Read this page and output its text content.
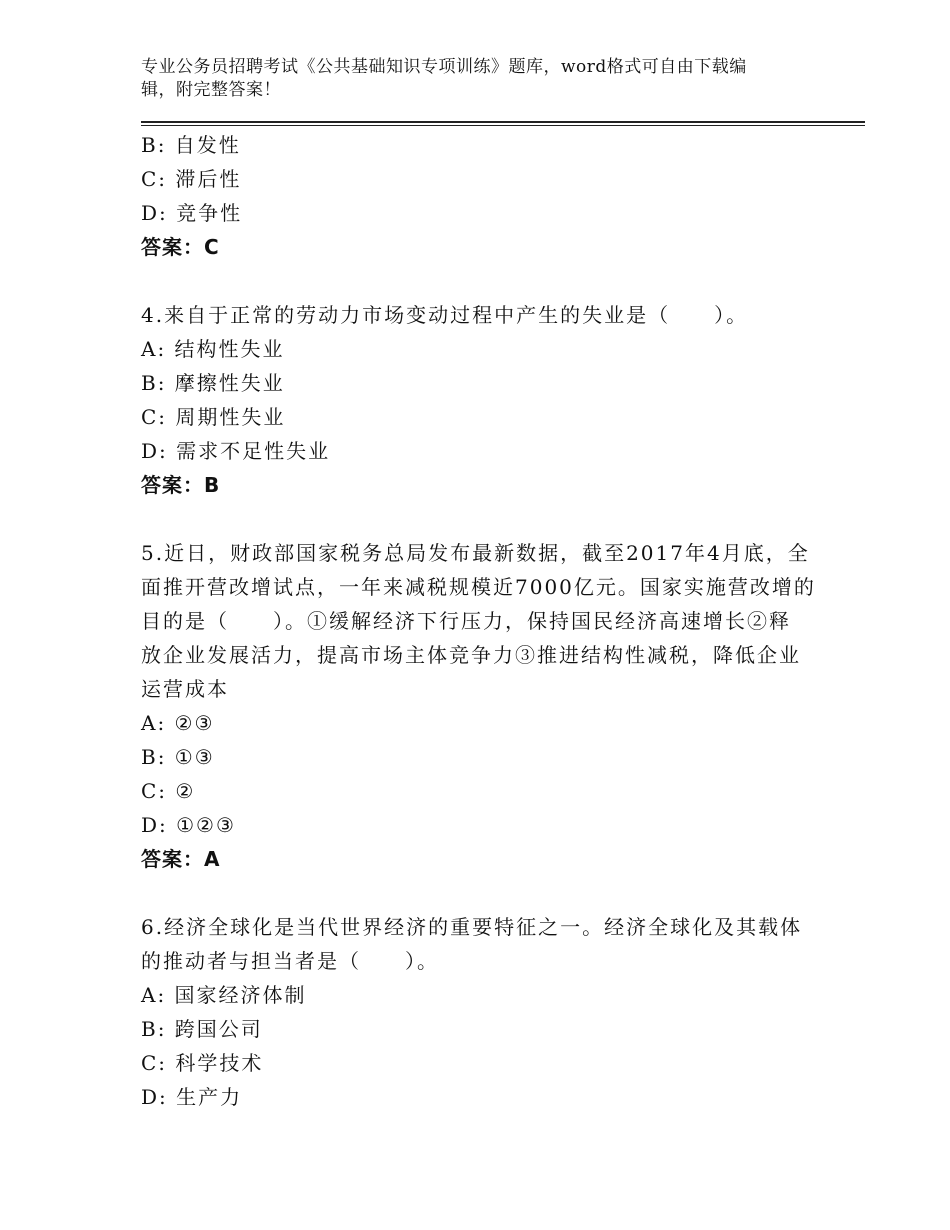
专业公务员招聘考试《公共基础知识专项训练》题库，word格式可自由下载编
辑，附完整答案！
B: 自发性
C: 滞后性
D: 竞争性
答案：C
4.来自于正常的劳动力市场变动过程中产生的失业是（　　）。
A: 结构性失业
B: 摩擦性失业
C: 周期性失业
D: 需求不足性失业
答案：B
5.近日，财政部国家税务总局发布最新数据，截至2017年4月底，全
面推开营改增试点，一年来减税规模近7000亿元。国家实施营改增的
目的是（　　）。①缓解经济下行压力，保持国民经济高速增长②释
放企业发展活力，提高市场主体竞争力③推进结构性减税，降低企业
运营成本
A: ②③
B: ①③
C: ②
D: ①②③
答案：A
6.经济全球化是当代世界经济的重要特征之一。经济全球化及其载体
的推动者与担当者是（　　）。
A: 国家经济体制
B: 跨国公司
C: 科学技术
D: 生产力
